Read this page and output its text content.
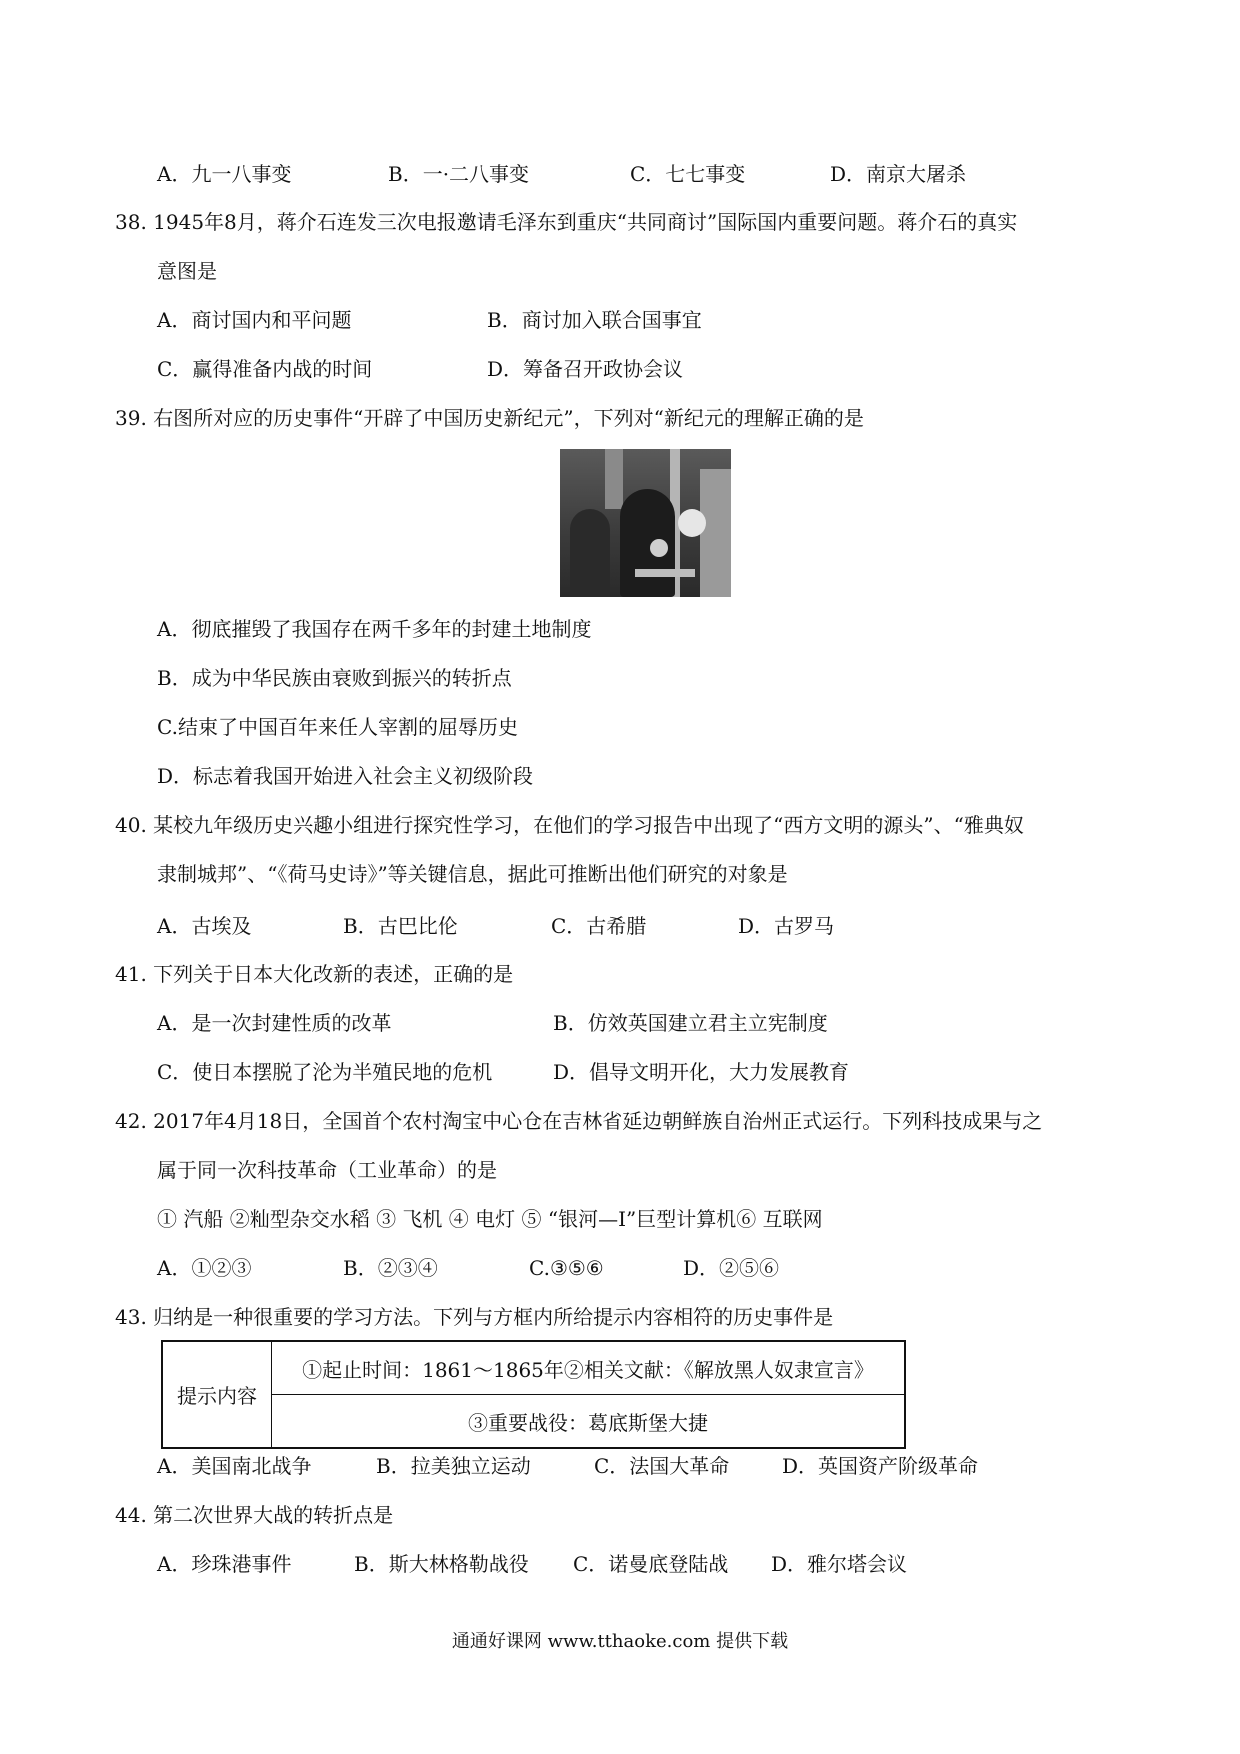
A．九一八事变	B．一·二八事变	C．七七事变	D．南京大屠杀
38. 1945年8月，蒋介石连发三次电报邀请毛泽东到重庆“共同商讨”国际国内重要问题。蒋介石的真实
意图是
A．商讨国内和平问题	B．商讨加入联合国事宜
C．赢得准备内战的时间	D．筹备召开政协会议
39. 右图所对应的历史事件“开辟了中国历史新纪元”，下列对“新纪元的理解正确的是
A．彻底摧毁了我国存在两千多年的封建土地制度
B．成为中华民族由衰败到振兴的转折点
C.结束了中国百年来任人宰割的屈辱历史
D．标志着我国开始进入社会主义初级阶段
40. 某校九年级历史兴趣小组进行探究性学习，在他们的学习报告中出现了“西方文明的源头”、“雅典奴
隶制城邦”、“《荷马史诗》”等关键信息，据此可推断出他们研究的对象是
A．古埃及	B．古巴比伦	C．古希腊	D．古罗马
41. 下列关于日本大化改新的表述，正确的是
A．是一次封建性质的改革	B．仿效英国建立君主立宪制度
C．使日本摆脱了沦为半殖民地的危机	D．倡导文明开化，大力发展教育
42. 2017年4月18日，全国首个农村淘宝中心仓在吉林省延边朝鲜族自治州正式运行。下列科技成果与之
属于同一次科技革命（工业革命）的是
① 汽船 ②籼型杂交水稻 ③ 飞机 ④ 电灯 ⑤ “银河—Ⅰ”巨型计算机⑥ 互联网
A．①②③	B．②③④	C.③⑤⑥	D．②⑤⑥
43. 归纳是一种很重要的学习方法。下列与方框内所给提示内容相符的历史事件是
提示内容	①起止时间：1861～1865年②相关文献：《解放黑人奴隶宣言》
③重要战役：葛底斯堡大捷
A．美国南北战争	B．拉美独立运动	C．法国大革命	D．英国资产阶级革命
44. 第二次世界大战的转折点是
A．珍珠港事件	B．斯大林格勒战役 C．诺曼底登陆战 D．雅尔塔会议
通通好课网 www.tthaoke.com 提供下载
